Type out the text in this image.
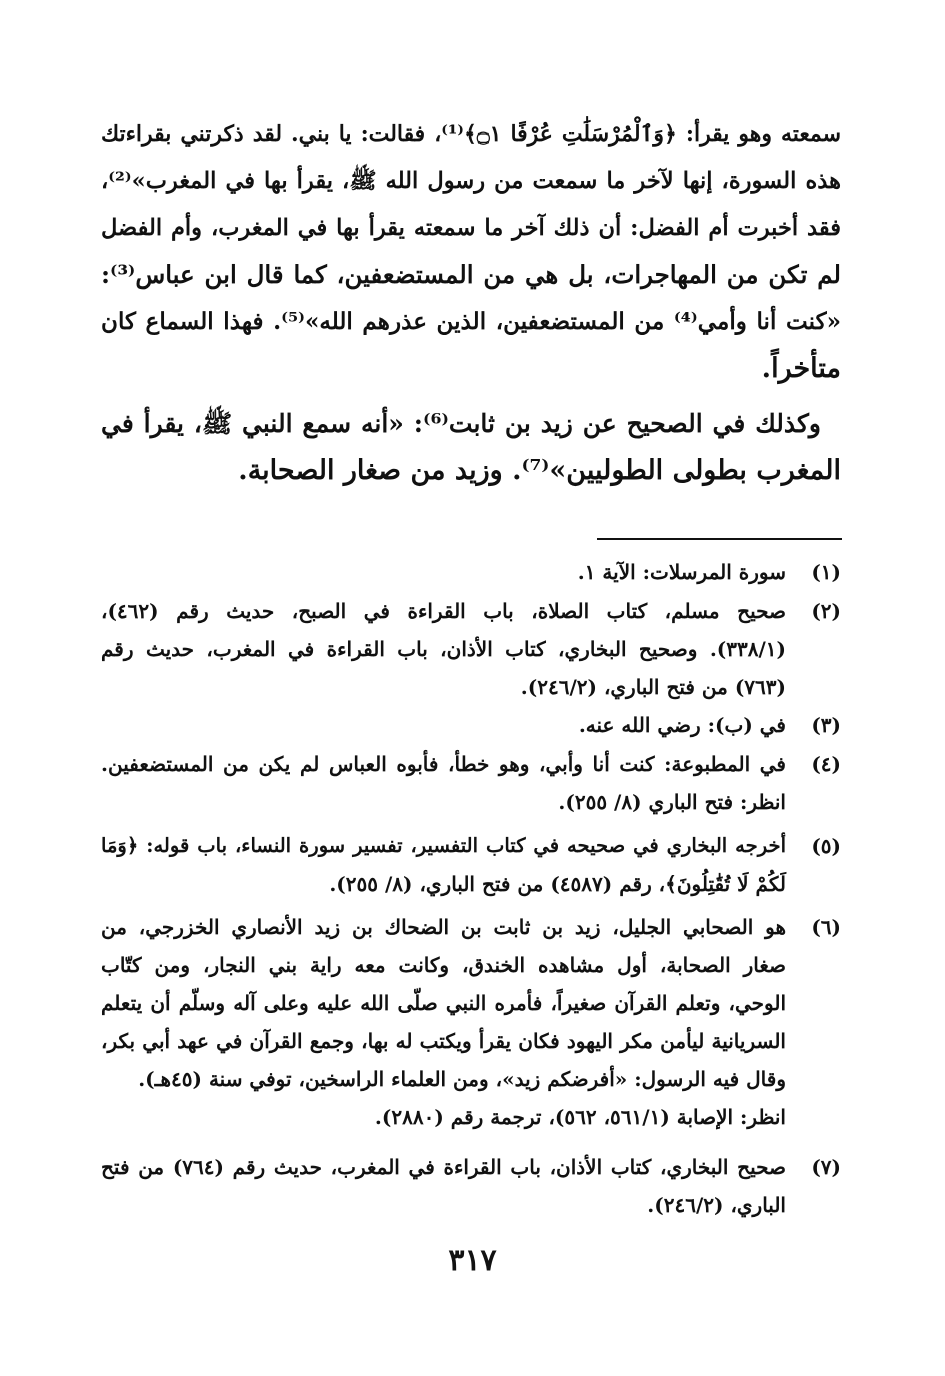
سمعته وهو يقرأ: ﴿وَٱلْمُرْسَلَٰتِ عُرْفًا ۝١﴾⁽¹⁾، فقالت: يا بني. لقد ذكرتني بقراءتك
هذه السورة، إنها لآخر ما سمعت من رسول الله ﷺ، يقرأ بها في المغرب»⁽²⁾،
فقد أخبرت أم الفضل: أن ذلك آخر ما سمعته يقرأ بها في المغرب، وأم الفضل
لم تكن من المهاجرات، بل هي من المستضعفين، كما قال ابن عباس⁽³⁾:
«كنت أنا وأمي⁽⁴⁾ من المستضعفين، الذين عذرهم الله»⁽⁵⁾. فهذا السماع كان
متأخراً.
وكذلك في الصحيح عن زيد بن ثابت⁽⁶⁾: «أنه سمع النبي ﷺ، يقرأ في
المغرب بطولى الطوليين»⁽⁷⁾. وزيد من صغار الصحابة.
(١)
سورة المرسلات: الآية ١.
(٢)
صحيح مسلم، كتاب الصلاة، باب القراءة في الصبح، حديث رقم (٤٦٢)،
(٣٣٨/١). وصحيح البخاري، كتاب الأذان، باب القراءة في المغرب، حديث رقم
(٧٦٣) من فتح الباري، (٢٤٦/٢).
(٣)
في (ب): رضي الله عنه.
(٤)
في المطبوعة: كنت أنا وأبي، وهو خطأ، فأبوه العباس لم يكن من المستضعفين.
انظر: فتح الباري (٨/ ٢٥٥).
(٥)
أخرجه البخاري في صحيحه في كتاب التفسير، تفسير سورة النساء، باب قوله: ﴿وَمَا
لَكُمْ لَا تُقَٰتِلُونَ﴾، رقم (٤٥٨٧) من فتح الباري، (٨/ ٢٥٥).
(٦)
هو الصحابي الجليل، زيد بن ثابت بن الضحاك بن زيد الأنصاري الخزرجي، من
صغار الصحابة، أول مشاهده الخندق، وكانت معه راية بني النجار، ومن كتّاب
الوحي، وتعلم القرآن صغيراً، فأمره النبي صلّى الله عليه وعلى آله وسلّم أن يتعلم
السريانية ليأمن مكر اليهود فكان يقرأ ويكتب له بها، وجمع القرآن في عهد أبي بكر،
وقال فيه الرسول: «أفرضكم زيد»، ومن العلماء الراسخين، توفي سنة (٤٥هـ).
انظر: الإصابة (٥٦١/١، ٥٦٢)، ترجمة رقم (٢٨٨٠).
(٧)
صحيح البخاري، كتاب الأذان، باب القراءة في المغرب، حديث رقم (٧٦٤) من فتح
الباري، (٢٤٦/٢).
٣١٧
